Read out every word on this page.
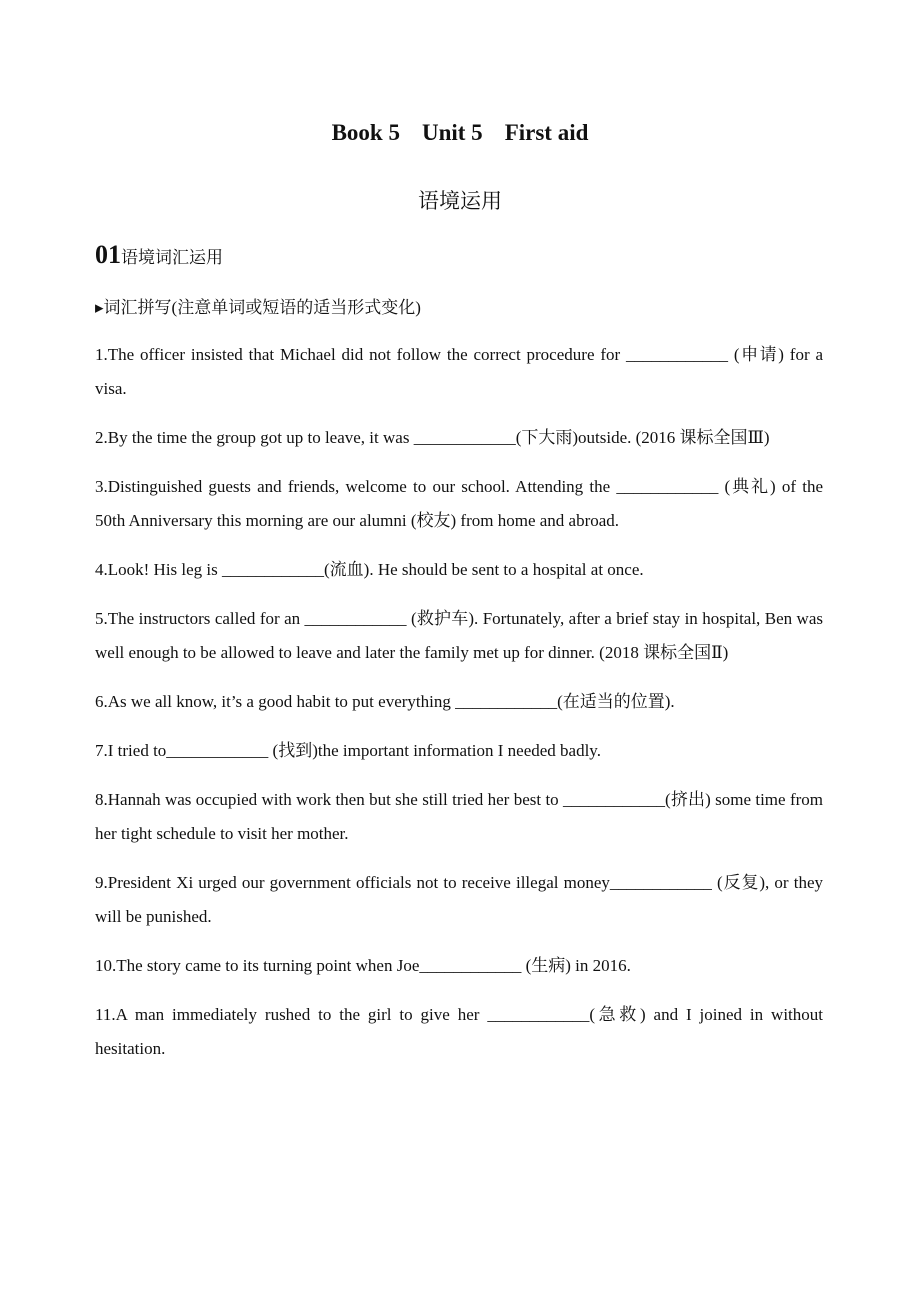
Book 5 Unit 5 First aid
语境运用
01语境词汇运用
▸词汇拼写(注意单词或短语的适当形式变化)
1.The officer insisted that Michael did not follow the correct procedure for ____________ (申请) for a visa.
2.By the time the group got up to leave, it was ____________(下大雨)outside. (2016 课标全国Ⅲ)
3.Distinguished guests and friends, welcome to our school. Attending the ____________ (典礼) of the 50th Anniversary this morning are our alumni (校友) from home and abroad.
4.Look! His leg is ____________(流血). He should be sent to a hospital at once.
5.The instructors called for an ____________ (救护车). Fortunately, after a brief stay in hospital, Ben was well enough to be allowed to leave and later the family met up for dinner. (2018 课标全国Ⅱ)
6.As we all know, it’s a good habit to put everything ____________(在适当的位置).
7.I tried to____________ (找到)the important information I needed badly.
8.Hannah was occupied with work then but she still tried her best to ____________(挤出) some time from her tight schedule to visit her mother.
9.President Xi urged our government officials not to receive illegal money____________ (反复), or they will be punished.
10.The story came to its turning point when Joe____________ (生病) in 2016.
11.A man immediately rushed to the girl to give her ____________(急救) and I joined in without hesitation.
